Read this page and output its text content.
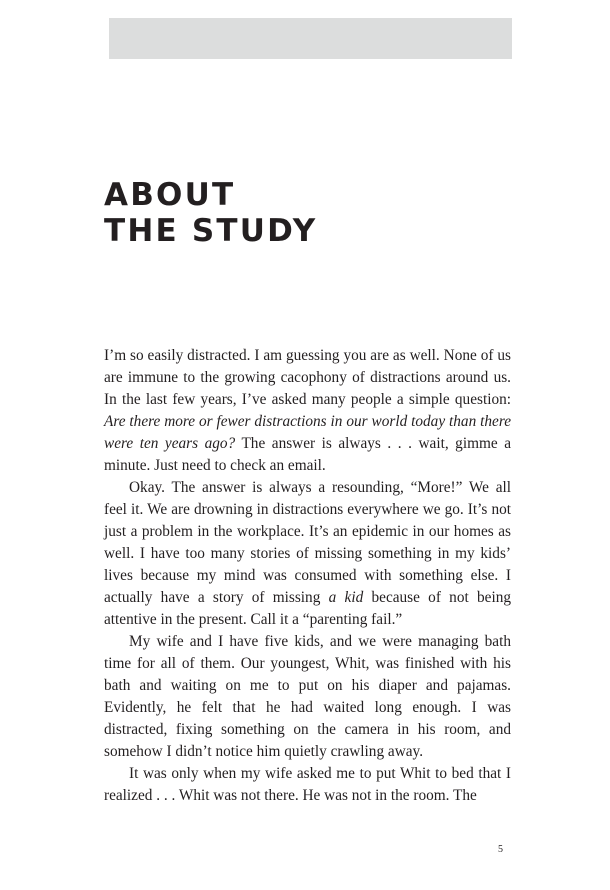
ABOUT
THE STUDY

I’m so easily distracted. I am guessing you are as well. None of us are immune to the growing cacophony of distractions around us. In the last few years, I’ve asked many people a simple question: Are there more or fewer distractions in our world today than there were ten years ago? The answer is always . . . wait, gimme a minute. Just need to check an email.

Okay. The answer is always a resounding, “More!” We all feel it. We are drowning in distractions everywhere we go. It’s not just a problem in the workplace. It’s an epidemic in our homes as well. I have too many stories of missing something in my kids’ lives because my mind was consumed with something else. I actually have a story of missing a kid because of not being attentive in the present. Call it a “parenting fail.”

My wife and I have five kids, and we were managing bath time for all of them. Our youngest, Whit, was finished with his bath and waiting on me to put on his diaper and pajamas. Evidently, he felt that he had waited long enough. I was distracted, fixing something on the camera in his room, and somehow I didn’t notice him quietly crawling away.

It was only when my wife asked me to put Whit to bed that I realized . . . Whit was not there. He was not in the room. The

5
